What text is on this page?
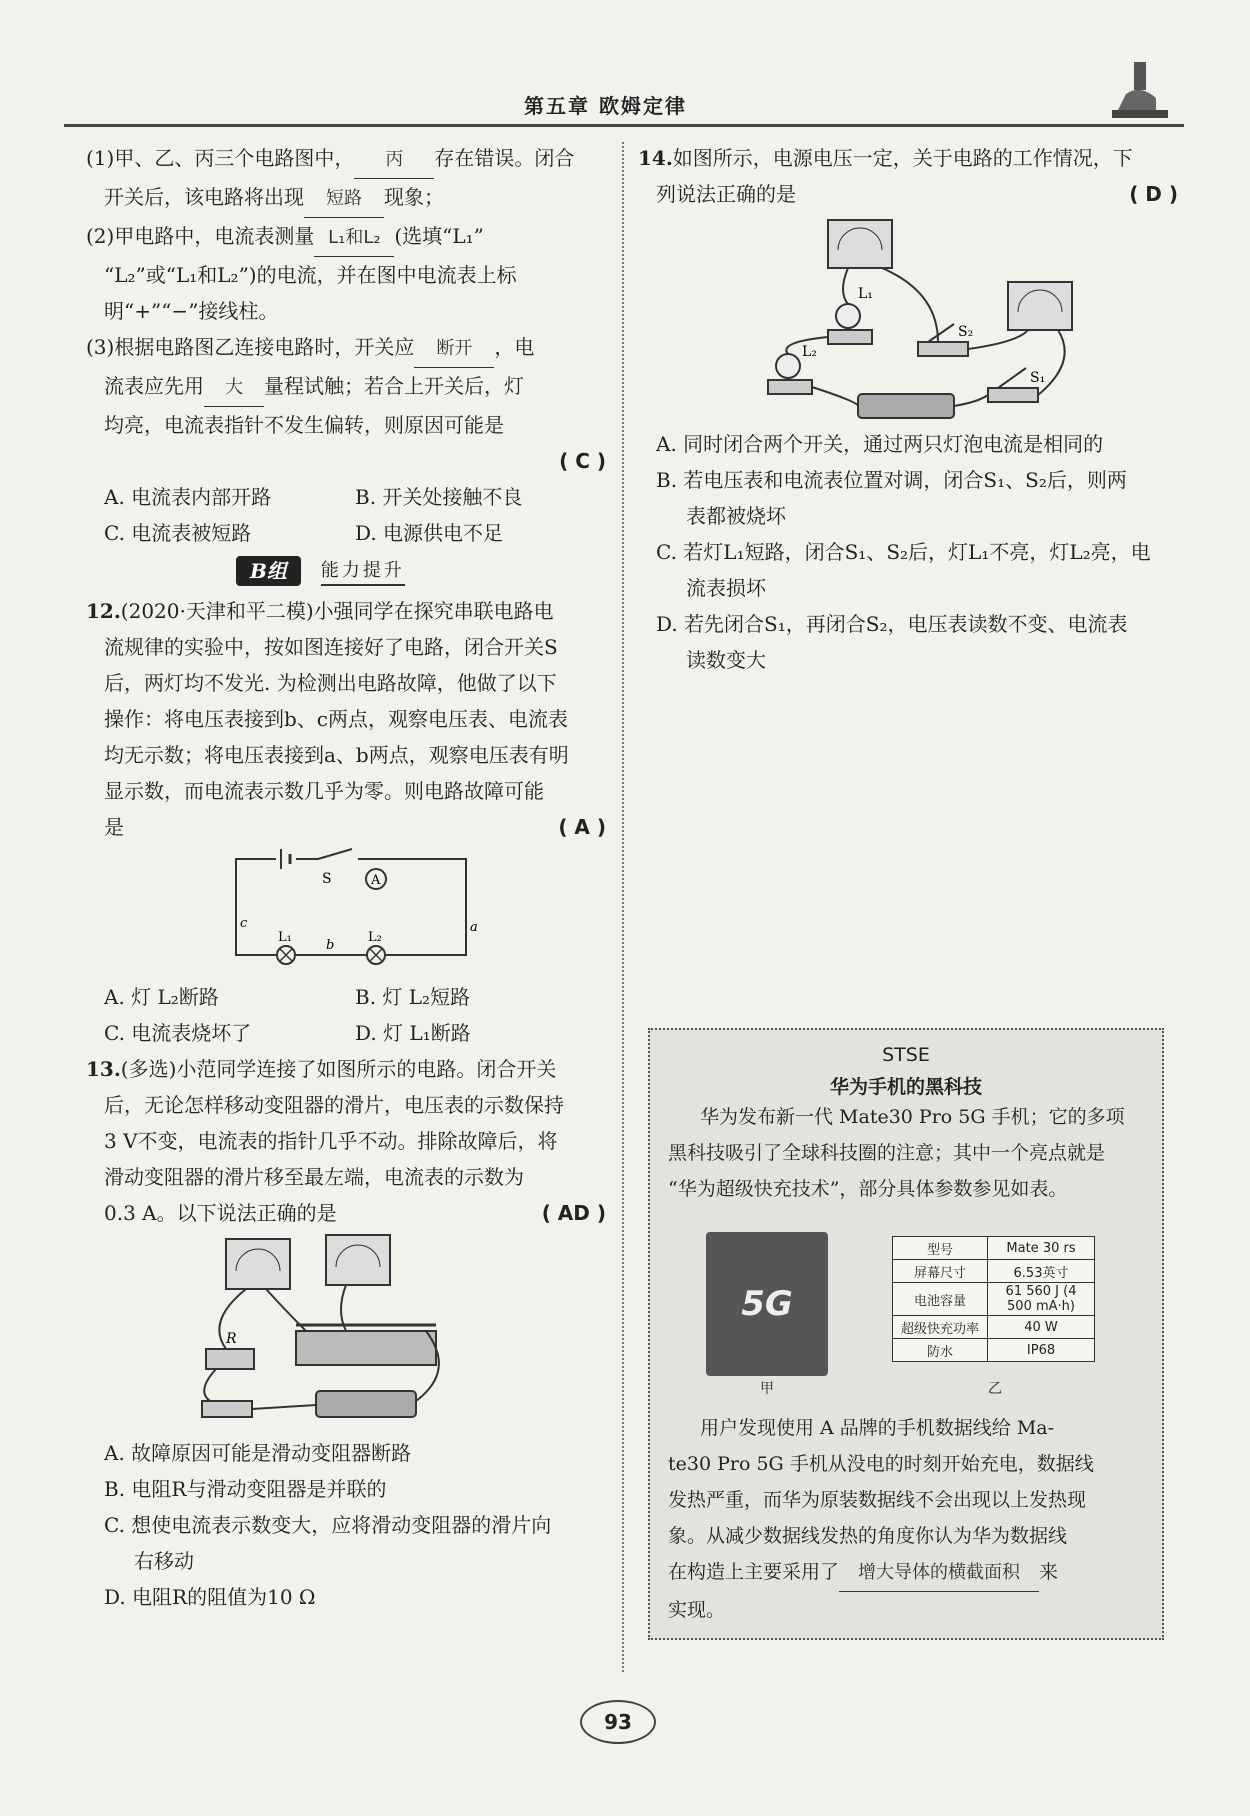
第五章 欧姆定律

(1)甲、乙、丙三个电路图中， 丙 存在错误。闭合

开关后，该电路将出现 短路 现象；

(2)甲电路中，电流表测量 L₁和L₂ (选填“L₁”

“L₂”或“L₁和L₂”)的电流，并在图中电流表上标

明“+”“−”接线柱。

(3)根据电路图乙连接电路时，开关应 断开 ，电

流表应先用 大 量程试触；若合上开关后，灯

均亮，电流表指针不发生偏转，则原因可能是

( C )

A. 电流表内部开路	B. 开关处接触不良
C. 电流表被短路	D. 电源供电不足
B组	能力提升

12.(2020·天津和平二模)小强同学在探究串联电路电

流规律的实验中，按如图连接好了电路，闭合开关S

后，两灯均不发光. 为检测出电路故障，他做了以下

操作：将电压表接到b、c两点，观察电压表、电流表

均无示数；将电压表接到a、b两点，观察电压表有明

显示数，而电流表示数几乎为零。则电路故障可能

是	( A )

S	A
L₁	L₂
c
b
a
A. 灯 L₂断路	B. 灯 L₂短路
C. 电流表烧坏了	D. 灯 L₁断路

13.(多选)小范同学连接了如图所示的电路。闭合开关

后，无论怎样移动变阻器的滑片，电压表的示数保持

3 V不变，电流表的指针几乎不动。排除故障后，将

滑动变阻器的滑片移至最左端，电流表的示数为

0.3 A。以下说法正确的是	( AD )

R

A. 故障原因可能是滑动变阻器断路

B. 电阻R与滑动变阻器是并联的

C. 想使电流表示数变大，应将滑动变阻器的滑片向

右移动

D. 电阻R的阻值为10 Ω

14.如图所示，电源电压一定，关于电路的工作情况，下

列说法正确的是	( D )

L₁
L₂
S₂
S₁

A. 同时闭合两个开关，通过两只灯泡电流是相同的

B. 若电压表和电流表位置对调，闭合S₁、S₂后，则两

表都被烧坏

C. 若灯L₁短路，闭合S₁、S₂后，灯L₁不亮，灯L₂亮，电

流表损坏

D. 若先闭合S₁，再闭合S₂，电压表读数不变、电流表

读数变大

STSE
华为手机的黑科技

华为发布新一代 Mate30 Pro 5G 手机；它的多项

黑科技吸引了全球科技圈的注意；其中一个亮点就是

“华为超级快充技术”，部分具体参数参见如表。

5G
甲
型号	Mate 30 rs
屏幕尺寸	6.53英寸
电池容量	61 560 J (4 500 mA·h)
超级快充功率	40 W
防水	IP68
乙

用户发现使用 A 品牌的手机数据线给 Ma-

te30 Pro 5G 手机从没电的时刻开始充电，数据线

发热严重，而华为原装数据线不会出现以上发热现

象。从减少数据线发热的角度你认为华为数据线

在构造上主要采用了 增大导体的横截面积 来

实现。

93
